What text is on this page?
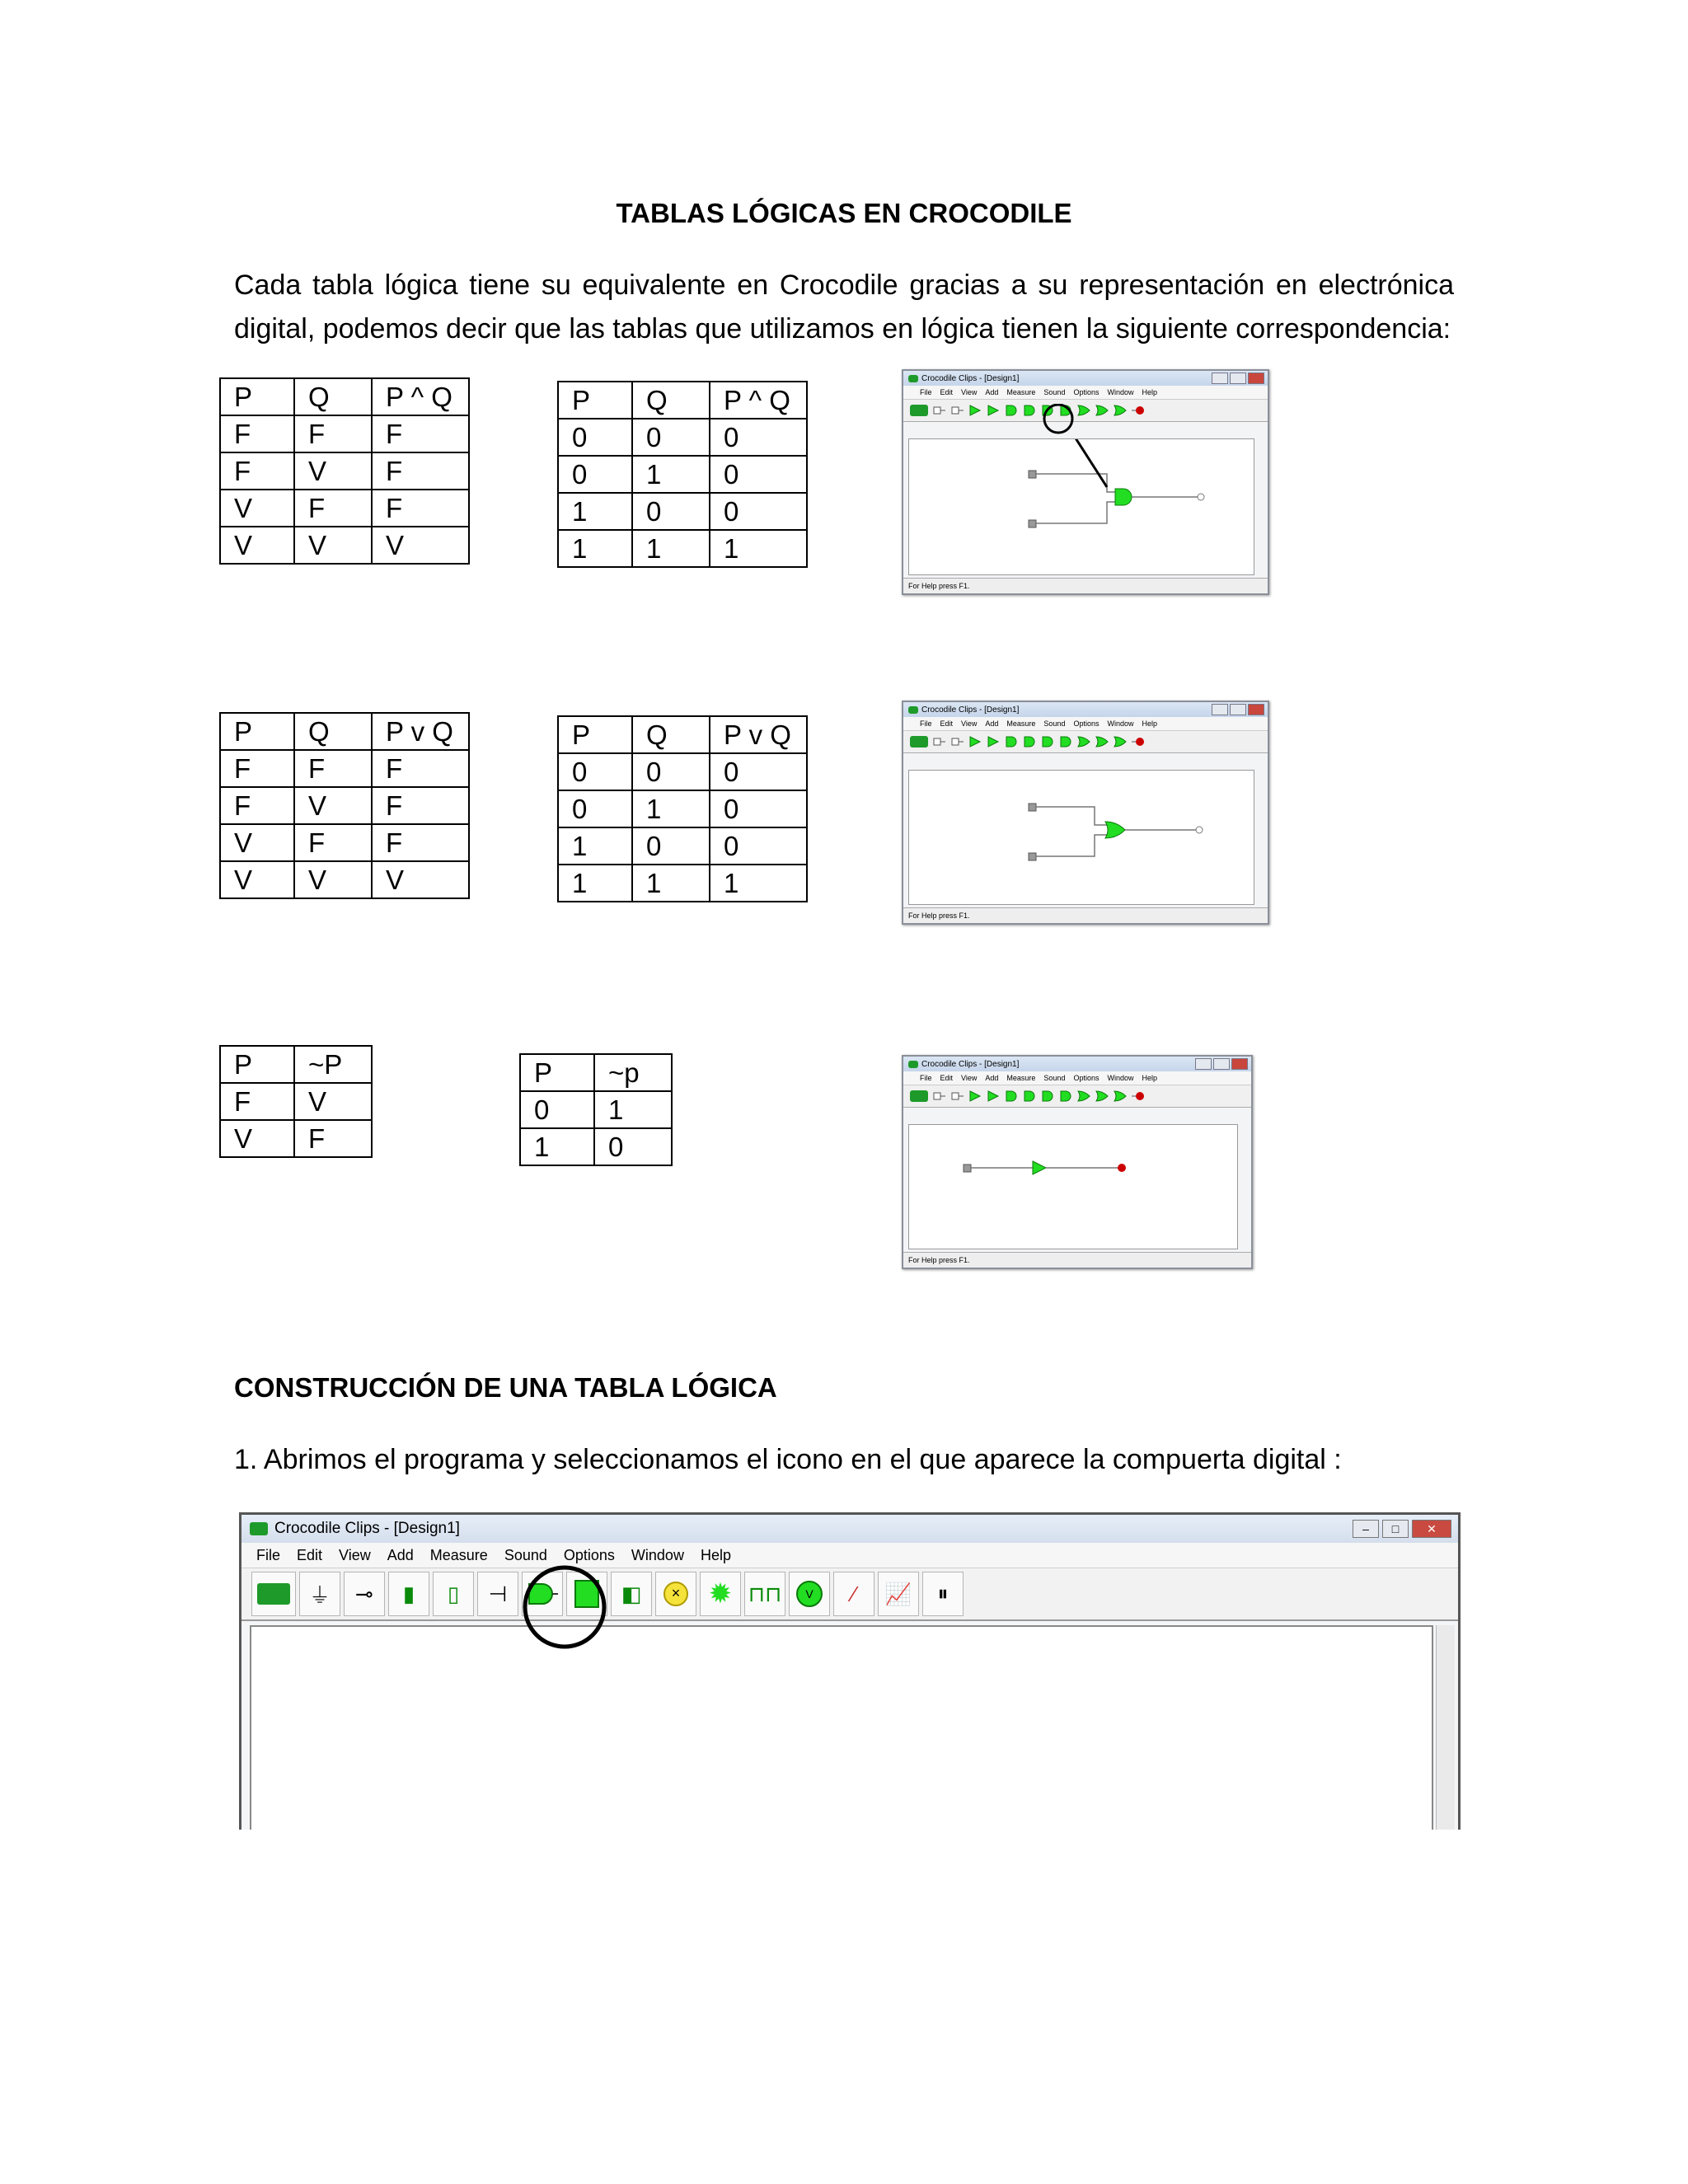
TABLAS LÓGICAS EN CROCODILE
Cada tabla lógica tiene su equivalente en Crocodile gracias a su representación en electrónica digital, podemos decir que las tablas que utilizamos en lógica tienen la siguiente correspondencia:
P	Q	P ^ Q
F	F	F
F	V	F
V	F	F
V	V	V
P	Q	P ^ Q
0	0	0
0	1	0
1	0	0
1	1	1
P	Q	P v Q
F	F	F
F	V	F
V	F	F
V	V	V
P	Q	P v Q
0	0	0
0	1	0
1	0	0
1	1	1
P	~P
F	V
V	F
P	~p
0	1
1	0
Crocodile Clips - [Design1]
File Edit View Add Measure Sound Options Window Help
For Help press F1.
Crocodile Clips - [Design1]
File Edit View Add Measure Sound Options Window Help
For Help press F1.
Crocodile Clips - [Design1]
File Edit View Add Measure Sound Options Window Help
For Help press F1.
CONSTRUCCIÓN DE UNA TABLA LÓGICA
1. Abrimos el programa y seleccionamos el icono en el que aparece la compuerta digital :
Crocodile Clips - [Design1]	–	□	✕
File Edit View Add Measure Sound Options Window Help
⏚	⊸	▮	▯	⊣	◧	×	✹ ⊓⊓	V	⁄	📈	⏸
